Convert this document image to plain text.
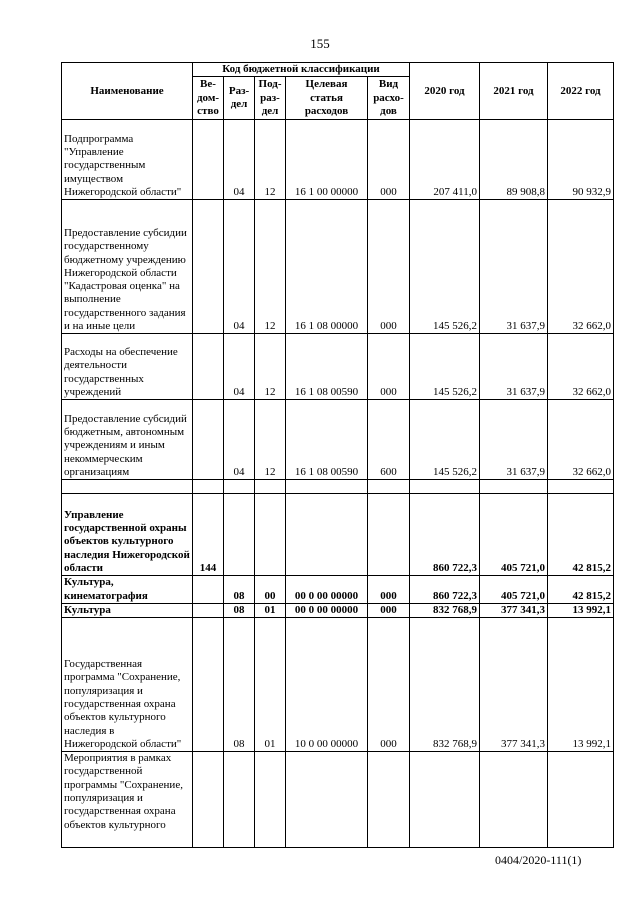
155
Наименование	Код бюджетной классификации					2020 год	2021 год	2022 год
	Ве-дом-ство	Раз-дел	Под-раз-дел	Целевая статья расходов	Вид расхо-дов			
Подпрограмма "Управление государственным имуществом Нижегородской области"		04	12	16 1 00 00000	000	207 411,0	89 908,8	90 932,9
Предоставление субсидии государственному бюджетному учреждению Нижегородской области "Кадастровая оценка" на выполнение государственного задания и на иные цели		04	12	16 1 08 00000	000	145 526,2	31 637,9	32 662,0
Расходы на обеспечение деятельности государственных учреждений		04	12	16 1 08 00590	000	145 526,2	31 637,9	32 662,0
Предоставление субсидий бюджетным, автономным учреждениям и иным некоммерческим организациям		04	12	16 1 08 00590	600	145 526,2	31 637,9	32 662,0

Управление государственной охраны объектов культурного наследия Нижегородской области	144					860 722,3	405 721,0	42 815,2
Культура, кинематография		08	00	00 0 00 00000	000	860 722,3	405 721,0	42 815,2
Культура		08	01	00 0 00 00000	000	832 768,9	377 341,3	13 992,1
Государственная программа "Сохранение, популяризация и государственная охрана объектов культурного наследия в Нижегородской области"		08	01	10 0 00 00000	000	832 768,9	377 341,3	13 992,1
Мероприятия в рамках государственной программы "Сохранение, популяризация и государственная охрана объектов культурного								
0404/2020-111(1)
